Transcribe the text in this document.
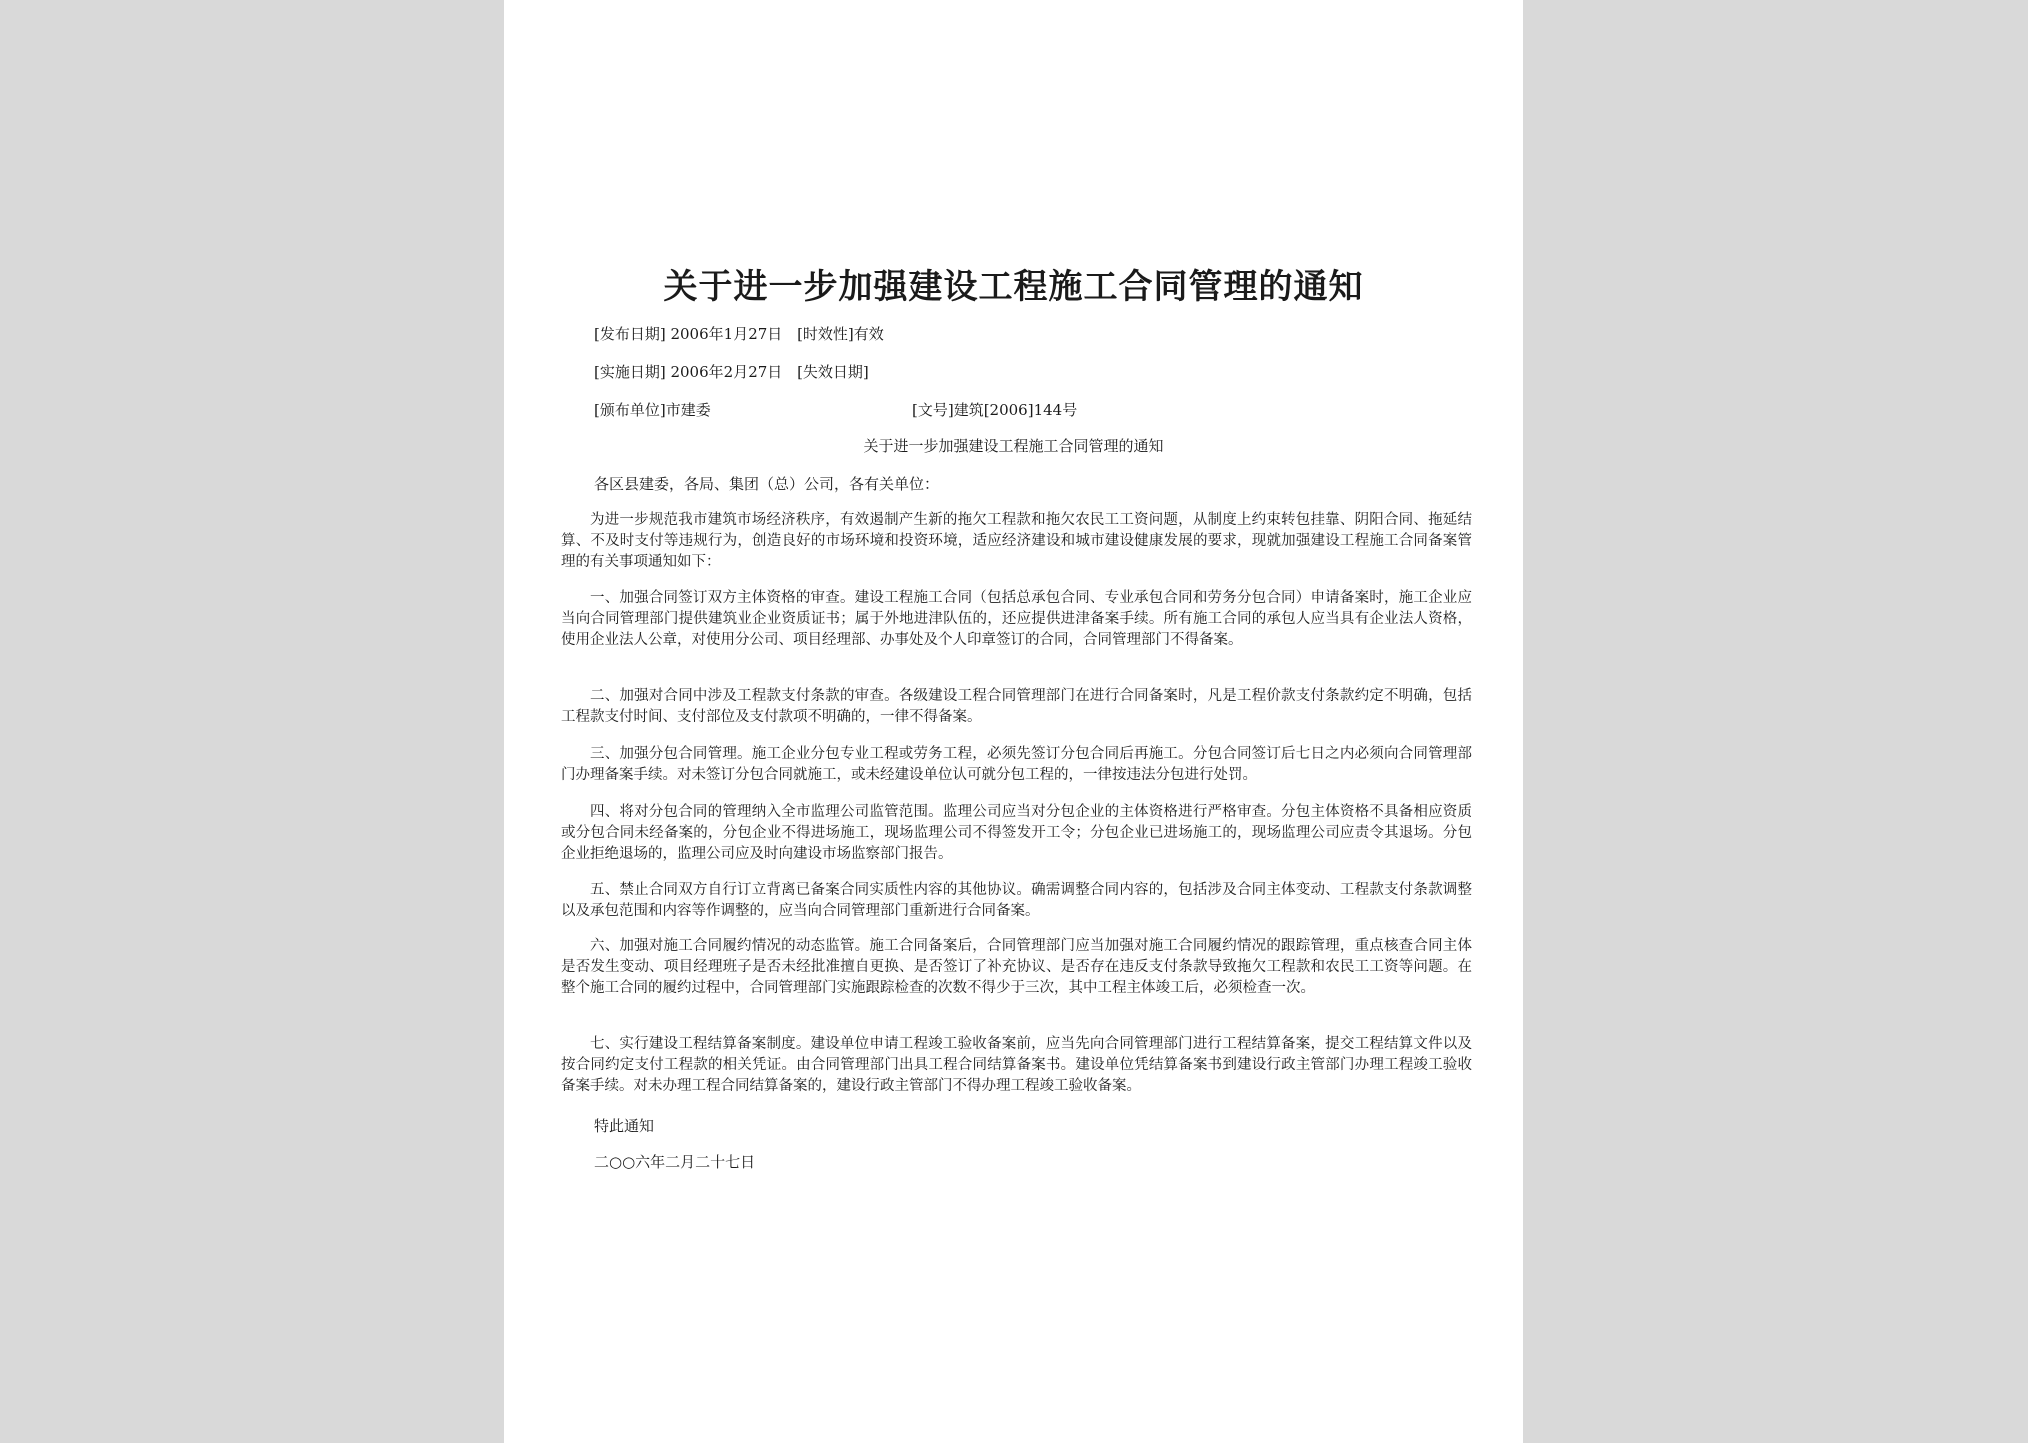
关于进一步加强建设工程施工合同管理的通知
[发布日期] 2006年1月27日 [时效性]有效
[实施日期] 2006年2月27日 [失效日期]
[颁布单位]市建委	[文号]建筑[2006]144号
关于进一步加强建设工程施工合同管理的通知
各区县建委，各局、集团（总）公司，各有关单位：

为进一步规范我市建筑市场经济秩序，有效遏制产生新的拖欠工程款和拖欠农民工工资问题，从制度上约束转包挂靠、阴阳合同、拖延结算、不及时支付等违规行为，创造良好的市场环境和投资环境，适应经济建设和城市建设健康发展的要求，现就加强建设工程施工合同备案管理的有关事项通知如下：

一、加强合同签订双方主体资格的审查。建设工程施工合同（包括总承包合同、专业承包合同和劳务分包合同）申请备案时，施工企业应当向合同管理部门提供建筑业企业资质证书；属于外地进津队伍的，还应提供进津备案手续。所有施工合同的承包人应当具有企业法人资格，使用企业法人公章，对使用分公司、项目经理部、办事处及个人印章签订的合同，合同管理部门不得备案。

二、加强对合同中涉及工程款支付条款的审查。各级建设工程合同管理部门在进行合同备案时，凡是工程价款支付条款约定不明确，包括工程款支付时间、支付部位及支付款项不明确的，一律不得备案。

三、加强分包合同管理。施工企业分包专业工程或劳务工程，必须先签订分包合同后再施工。分包合同签订后七日之内必须向合同管理部门办理备案手续。对未签订分包合同就施工，或未经建设单位认可就分包工程的，一律按违法分包进行处罚。

四、将对分包合同的管理纳入全市监理公司监管范围。监理公司应当对分包企业的主体资格进行严格审查。分包主体资格不具备相应资质或分包合同未经备案的，分包企业不得进场施工，现场监理公司不得签发开工令；分包企业已进场施工的，现场监理公司应责令其退场。分包企业拒绝退场的，监理公司应及时向建设市场监察部门报告。

五、禁止合同双方自行订立背离已备案合同实质性内容的其他协议。确需调整合同内容的，包括涉及合同主体变动、工程款支付条款调整以及承包范围和内容等作调整的，应当向合同管理部门重新进行合同备案。

六、加强对施工合同履约情况的动态监管。施工合同备案后，合同管理部门应当加强对施工合同履约情况的跟踪管理，重点核查合同主体是否发生变动、项目经理班子是否未经批准擅自更换、是否签订了补充协议、是否存在违反支付条款导致拖欠工程款和农民工工资等问题。在整个施工合同的履约过程中，合同管理部门实施跟踪检查的次数不得少于三次，其中工程主体竣工后，必须检查一次。

七、实行建设工程结算备案制度。建设单位申请工程竣工验收备案前，应当先向合同管理部门进行工程结算备案，提交工程结算文件以及按合同约定支付工程款的相关凭证。由合同管理部门出具工程合同结算备案书。建设单位凭结算备案书到建设行政主管部门办理工程竣工验收备案手续。对未办理工程合同结算备案的，建设行政主管部门不得办理工程竣工验收备案。

特此通知
二○○六年二月二十七日
